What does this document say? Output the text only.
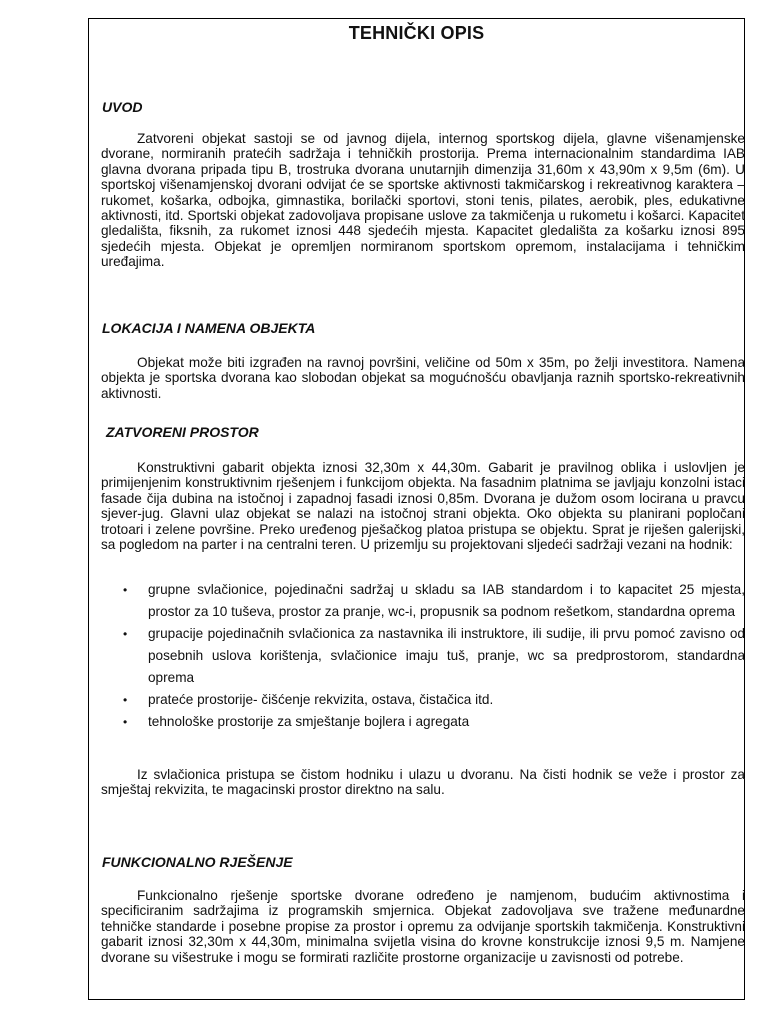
TEHNIČKI OPIS
UVOD
Zatvoreni objekat sastoji se od javnog dijela, internog sportskog dijela, glavne višenamjenske dvorane, normiranih pratećih sadržaja i tehničkih prostorija. Prema internacionalnim standardima IAB glavna dvorana pripada tipu B, trostruka dvorana unutarnjih dimenzija 31,60m x 43,90m x 9,5m (6m). U sportskoj višenamjenskoj dvorani odvijat će se sportske aktivnosti takmičarskog i rekreativnog karaktera – rukomet, košarka, odbojka, gimnastika, borilački sportovi, stoni tenis, pilates, aerobik, ples, edukativne aktivnosti, itd. Sportski objekat zadovoljava propisane uslove za takmičenja u rukometu i košarci. Kapacitet gledališta, fiksnih, za rukomet iznosi 448 sjedećih mjesta. Kapacitet gledališta za košarku iznosi 895 sjedećih mjesta. Objekat je opremljen normiranom sportskom opremom, instalacijama i tehničkim uređajima.
LOKACIJA I NAMENA OBJEKTA
Objekat može biti izgrađen na ravnoj površini, veličine od 50m x 35m, po želji investitora. Namena objekta je sportska dvorana kao slobodan objekat sa mogućnošću obavljanja raznih sportsko-rekreativnih aktivnosti.
ZATVORENI PROSTOR
Konstruktivni gabarit objekta iznosi 32,30m x 44,30m. Gabarit je pravilnog oblika i uslovljen je primijenjenim konstruktivnim rješenjem i funkcijom objekta. Na fasadnim platnima se javljaju konzolni istaci fasade čija dubina na istočnoj i zapadnoj fasadi iznosi 0,85m. Dvorana je dužom osom locirana u pravcu sjever-jug. Glavni ulaz objekat se nalazi na istočnoj strani objekta. Oko objekta su planirani popločani trotoari i zelene površine. Preko uređenog pješačkog platoa pristupa se objektu. Sprat je riješen galerijski, sa pogledom na parter i na centralni teren. U prizemlju su projektovani sljedeći sadržaji vezani na hodnik:
• grupne svlačionice, pojedinačni sadržaj u skladu sa IAB standardom i to kapacitet 25 mjesta, prostor za 10 tuševa, prostor za pranje, wc-i, propusnik sa podnom rešetkom, standardna oprema
• grupacije pojedinačnih svlačionica za nastavnika ili instruktore, ili sudije, ili prvu pomoć zavisno od posebnih uslova korištenja, svlačionice imaju tuš, pranje, wc sa predprostorom, standardna oprema
• prateće prostorije- čišćenje rekvizita, ostava, čistačica itd.
• tehnološke prostorije za smještanje bojlera i agregata
Iz svlačionica pristupa se čistom hodniku i ulazu u dvoranu. Na čisti hodnik se veže i prostor za smještaj rekvizita, te magacinski prostor direktno na salu.
FUNKCIONALNO RJEŠENJE
Funkcionalno rješenje sportske dvorane određeno je namjenom, budućim aktivnostima i specificiranim sadržajima iz programskih smjernica. Objekat zadovoljava sve tražene međunardne tehničke standarde i posebne propise za prostor i opremu za odvijanje sportskih takmičenja. Konstruktivni gabarit iznosi 32,30m x 44,30m, minimalna svijetla visina do krovne konstrukcije iznosi 9,5 m. Namjene dvorane su višestruke i mogu se formirati različite prostorne organizacije u zavisnosti od potrebe.
